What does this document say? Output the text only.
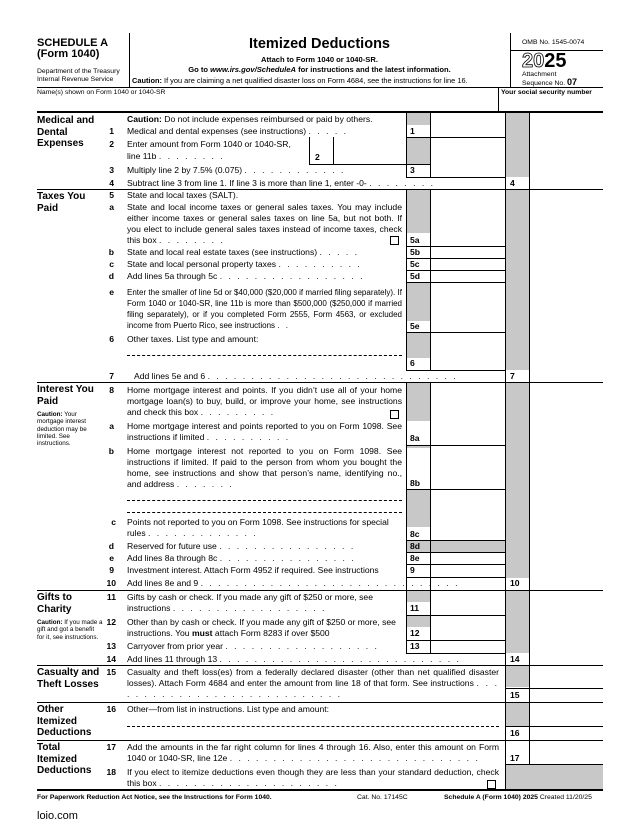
SCHEDULE A
(Form 1040)
Department of the Treasury
Internal Revenue Service
Itemized Deductions
Attach to Form 1040 or 1040-SR.
Go to www.irs.gov/ScheduleA for instructions and the latest information.
Caution: If you are claiming a net qualified disaster loss on Form 4684, see the instructions for line 16.
OMB No. 1545-0074
2025
Attachment
Sequence No. 07
Name(s) shown on Form 1040 or 1040-SR	Your social security number
Medical and Dental Expenses
Caution: Do not include expenses reimbursed or paid by others.
1 Medical and dental expenses (see instructions) . . . . .	1
2 Enter amount from Form 1040 or 1040-SR,
line 11b . . . . . . . .	2
3 Multiply line 2 by 7.5% (0.075) . . . . . . . . . . . .	3
4 Subtract line 3 from line 1. If line 3 is more than line 1, enter -0- . . . . . . . .	4
Taxes You Paid
5 State and local taxes (SALT).
a State and local income taxes or general sales taxes. You may include either income taxes or general sales taxes on line 5a, but not both. If you elect to include general sales taxes instead of income taxes, check this box . . . . . . . .	5a
b State and local real estate taxes (see instructions) . . . . .	5b
c State and local personal property taxes . . . . . . . . . .	5c
d Add lines 5a through 5c . . . . . . . . . . . . . . . . .	5d
e Enter the smaller of line 5d or $40,000 ($20,000 if married filing separately). If Form 1040 or 1040-SR, line 11b is more than $500,000 ($250,000 if married filing separately), or if you completed Form 2555, Form 4563, or excluded income from Puerto Rico, see instructions . .	5e
6 Other taxes. List type and amount:
6
7 Add lines 5e and 6 . . . . . . . . . . . . . . . . . . . . . . . . . . . . .	7
Interest You Paid
Caution: Your mortgage interest deduction may be limited. See instructions.
8 Home mortgage interest and points. If you didn’t use all of your home mortgage loan(s) to buy, build, or improve your home, see instructions and check this box . . . . . . . . .
a Home mortgage interest and points reported to you on Form 1098. See instructions if limited . . . . . . . . . .	8a
b Home mortgage interest not reported to you on Form 1098. See instructions if limited. If paid to the person from whom you bought the home, see instructions and show that person’s name, identifying no., and address . . . . . . .	8b
c Points not reported to you on Form 1098. See instructions for special rules . . . . . . . . . . . . .	8c
d Reserved for future use . . . . . . . . . . . . . . . .	8d
e Add lines 8a through 8c . . . . . . . . . . . . . . . .	8e
9 Investment interest. Attach Form 4952 if required. See instructions	9
10 Add lines 8e and 9 . . . . . . . . . . . . . . . . . . . . . . . . . . . . . .	10
Gifts to Charity
Caution: If you made a gift and got a benefit for it, see instructions.
11 Gifts by cash or check. If you made any gift of $250 or more, see instructions . . . . . . . . . . . . . . . . . .	11
12 Other than by cash or check. If you made any gift of $250 or more, see instructions. You must attach Form 8283 if over $500	12
13 Carryover from prior year . . . . . . . . . . . . . . . . . .	13
14 Add lines 11 through 13 . . . . . . . . . . . . . . . . . . . . . . . . . . . .	14
Casualty and Theft Losses
15 Casualty and theft loss(es) from a federally declared disaster (other than net qualified disaster losses). Attach Form 4684 and enter the amount from line 18 of that form. See instructions . . . . . . . . . . . . . . . . . . . . . . . . . . . .	15
Other Itemized Deductions
16 Other—from list in instructions. List type and amount:
16
Total Itemized Deductions
17 Add the amounts in the far right column for lines 4 through 16. Also, enter this amount on Form 1040 or 1040-SR, line 12e . . . . . . . . . . . . . . . . . . . . . . . . . . . . .	17
18 If you elect to itemize deductions even though they are less than your standard deduction, check this box . . . . . . . . . . . . . . . . . . . . .
For Paperwork Reduction Act Notice, see the Instructions for Form 1040.	Cat. No. 17145C	Schedule A (Form 1040) 2025 Created 11/20/25
loio.com
